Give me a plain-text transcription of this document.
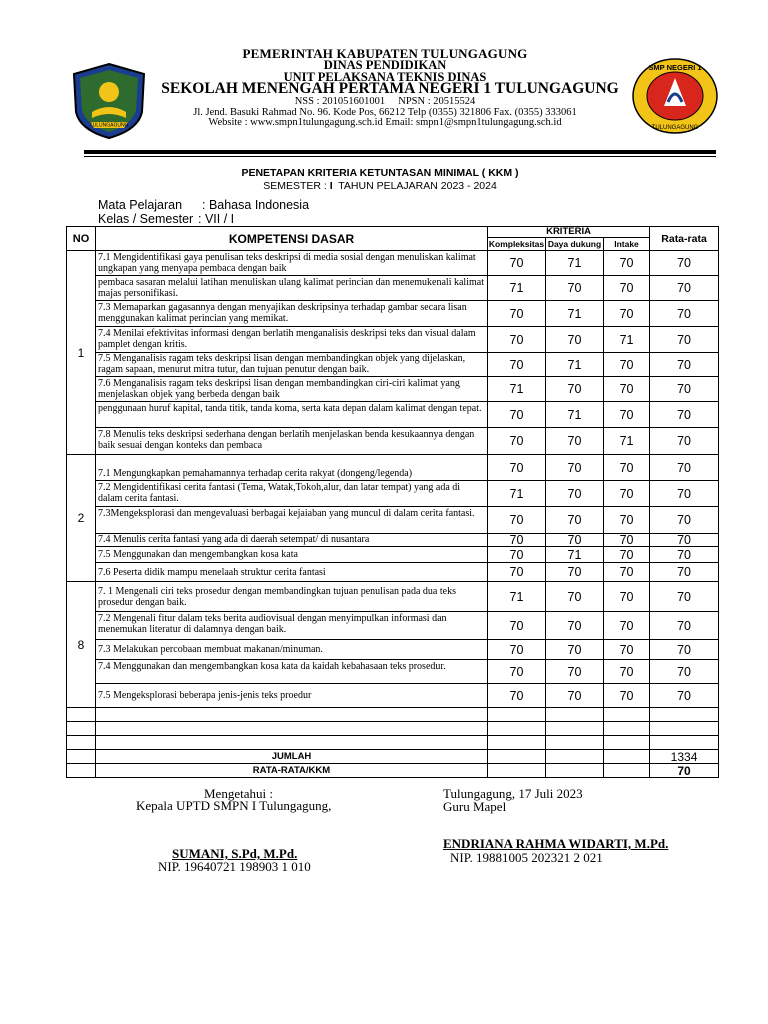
TULUNGAGUNG
PEMERINTAH KABUPATEN TULUNGAGUNG
DINAS PENDIDIKAN
UNIT PELAKSANA TEKNIS DINAS
SEKOLAH MENENGAH PERTAMA NEGERI 1 TULUNGAGUNG
NSS : 201051601001     NPSN : 20515524
Jl. Jend. Basuki Rahmad No. 96. Kode Pos, 66212 Telp (0355) 321806 Fax. (0355) 333061
Website : www.smpn1tulungagung.sch.id Email: smpn1@smpn1tulungagung.sch.id
SMP NEGERI 1
TULUNGAGUNG
PENETAPAN KRITERIA KETUNTASAN MINIMAL ( KKM )
SEMESTER : I  TAHUN PELAJARAN 2023 - 2024
Mata Pelajaran : Bahasa Indonesia
Kelas / Semester : VII / I
NO	KOMPETENSI DASAR	KRITERIA			Rata-rata
		Kompleksitas	Daya dukung	Intake	
1	7.1 Mengidentifikasi gaya penulisan teks deskripsi di media sosial dengan menuliskan kalimat ungkapan yang menyapa pembaca dengan baik	70	71	70	70
	pembaca sasaran melalui latihan menuliskan ulang kalimat perincian dan menemukenali kalimat majas personifikasi.	71	70	70	70
	7.3 Memaparkan gagasannya dengan menyajikan deskripsinya terhadap gambar secara lisan menggunakan kalimat perincian yang memikat.	70	71	70	70
	7.4 Menilai efektivitas informasi dengan berlatih menganalisis deskripsi teks dan visual dalam pamplet dengan kritis.	70	70	71	70
	7.5 Menganalisis ragam teks deskripsi lisan dengan membandingkan objek yang dijelaskan, ragam sapaan, menurut mitra tutur, dan tujuan penutur dengan baik.	70	71	70	70
	7.6 Menganalisis ragam teks deskripsi lisan dengan membandingkan ciri-ciri kalimat yang menjelaskan objek yang berbeda dengan baik	71	70	70	70
	penggunaan huruf kapital, tanda titik, tanda koma, serta kata depan dalam kalimat dengan tepat.	70	71	70	70
	7.8 Menulis teks deskripsi sederhana dengan berlatih menjelaskan benda kesukaannya dengan baik sesuai dengan konteks dan pembaca	70	70	71	70
2	7.1 Mengungkapkan pemahamannya terhadap cerita rakyat (dongeng/legenda)	70	70	70	70
	7.2 Mengidentifikasi cerita fantasi (Tema, Watak,Tokoh,alur, dan latar tempat) yang ada di dalam cerita fantasi.	71	70	70	70
	7.3Mengeksplorasi dan mengevaluasi berbagai kejaiaban yang muncul di dalam cerita fantasi.	70	70	70	70
	7.4 Menulis cerita fantasi yang ada di daerah setempat/ di nusantara	70	70	70	70
	7.5 Menggunakan dan mengembangkan kosa kata	70	71	70	70
	7.6 Peserta didik mampu menelaah struktur cerita fantasi	70	70	70	70
8	7. 1 Mengenali ciri teks prosedur dengan membandingkan tujuan penulisan pada dua teks prosedur dengan baik.	71	70	70	70
	7.2 Mengenali fitur dalam teks berita audiovisual dengan menyimpulkan informasi dan menemukan literatur di dalamnya dengan baik.	70	70	70	70
	7.3 Melakukan percobaan membuat makanan/minuman.	70	70	70	70
	7.4 Menggunakan dan mengembangkan kosa kata da kaidah kebahasaan teks prosedur.	70	70	70	70
	7.5 Mengeksplorasi beberapa jenis-jenis teks proedur	70	70	70	70

	JUMLAH				1334
	RATA-RATA/KKM				70
Mengetahui :
Kepala UPTD SMPN I Tulungagung,
SUMANI, S.Pd, M.Pd.
NIP. 19640721 198903 1 010
Tulungagung, 17 Juli 2023
Guru Mapel
ENDRIANA RAHMA WIDARTI, M.Pd.
NIP. 19881005 202321 2 021
